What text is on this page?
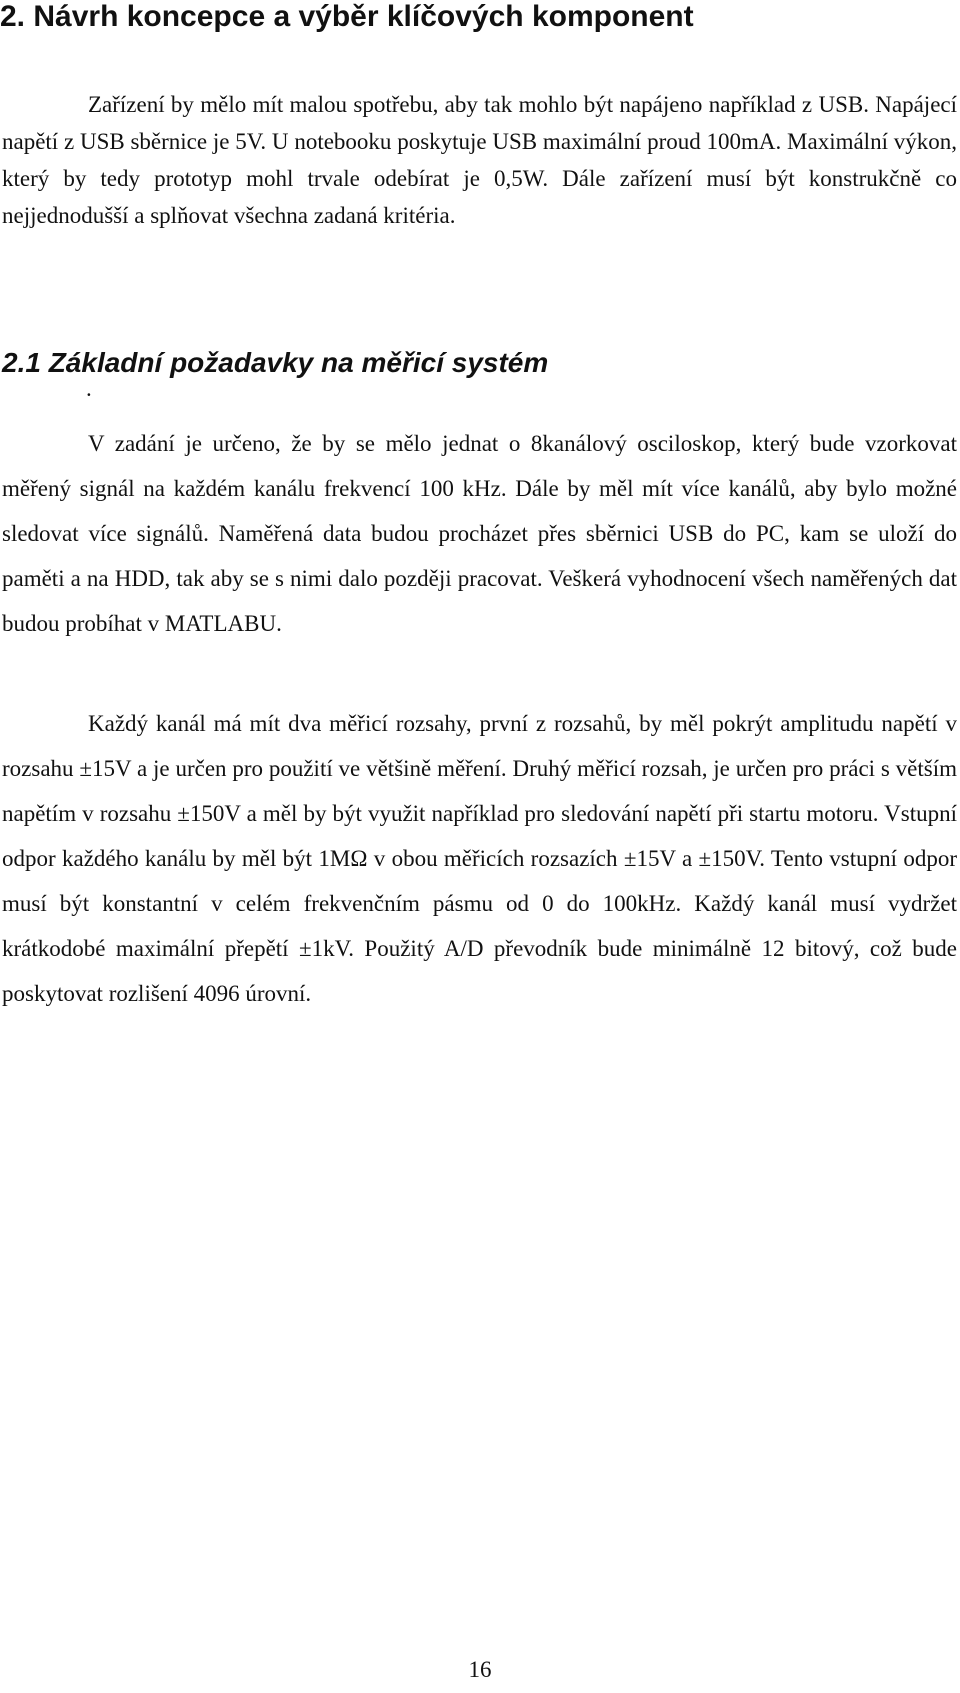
2. Návrh koncepce a výběr klíčových komponent

Zařízení by mělo mít malou spotřebu, aby tak mohlo být napájeno například z USB. Napájecí napětí z USB sběrnice je 5V. U notebooku poskytuje USB maximální proud 100mA. Maximální výkon, který by tedy prototyp mohl trvale odebírat je 0,5W. Dále zařízení musí být konstrukčně co nejjednodušší a splňovat všechna zadaná kritéria.

2.1 Základní požadavky na měřicí systém
.

V zadání je určeno, že by se mělo jednat o 8kanálový osciloskop, který bude vzorkovat měřený signál na každém kanálu frekvencí 100 kHz. Dále by měl mít více kanálů, aby bylo možné sledovat více signálů. Naměřená data budou procházet přes sběrnici USB do PC, kam se uloží do paměti a na HDD, tak aby se s nimi dalo později pracovat. Veškerá vyhodnocení všech naměřených dat budou probíhat v MATLABU.

Každý kanál má mít dva měřicí rozsahy, první z rozsahů, by měl pokrýt amplitudu napětí v rozsahu ±15V a je určen pro použití ve většině měření. Druhý měřicí rozsah, je určen pro práci s větším napětím v rozsahu ±150V a měl by být využit například pro sledování napětí při startu motoru. Vstupní odpor každého kanálu by měl být 1MΩ v obou měřicích rozsazích ±15V a ±150V. Tento vstupní odpor musí být konstantní v celém frekvenčním pásmu od 0 do 100kHz. Každý kanál musí vydržet krátkodobé maximální přepětí ±1kV. Použitý A/D převodník bude minimálně 12 bitový, což bude poskytovat rozlišení 4096 úrovní.

16
